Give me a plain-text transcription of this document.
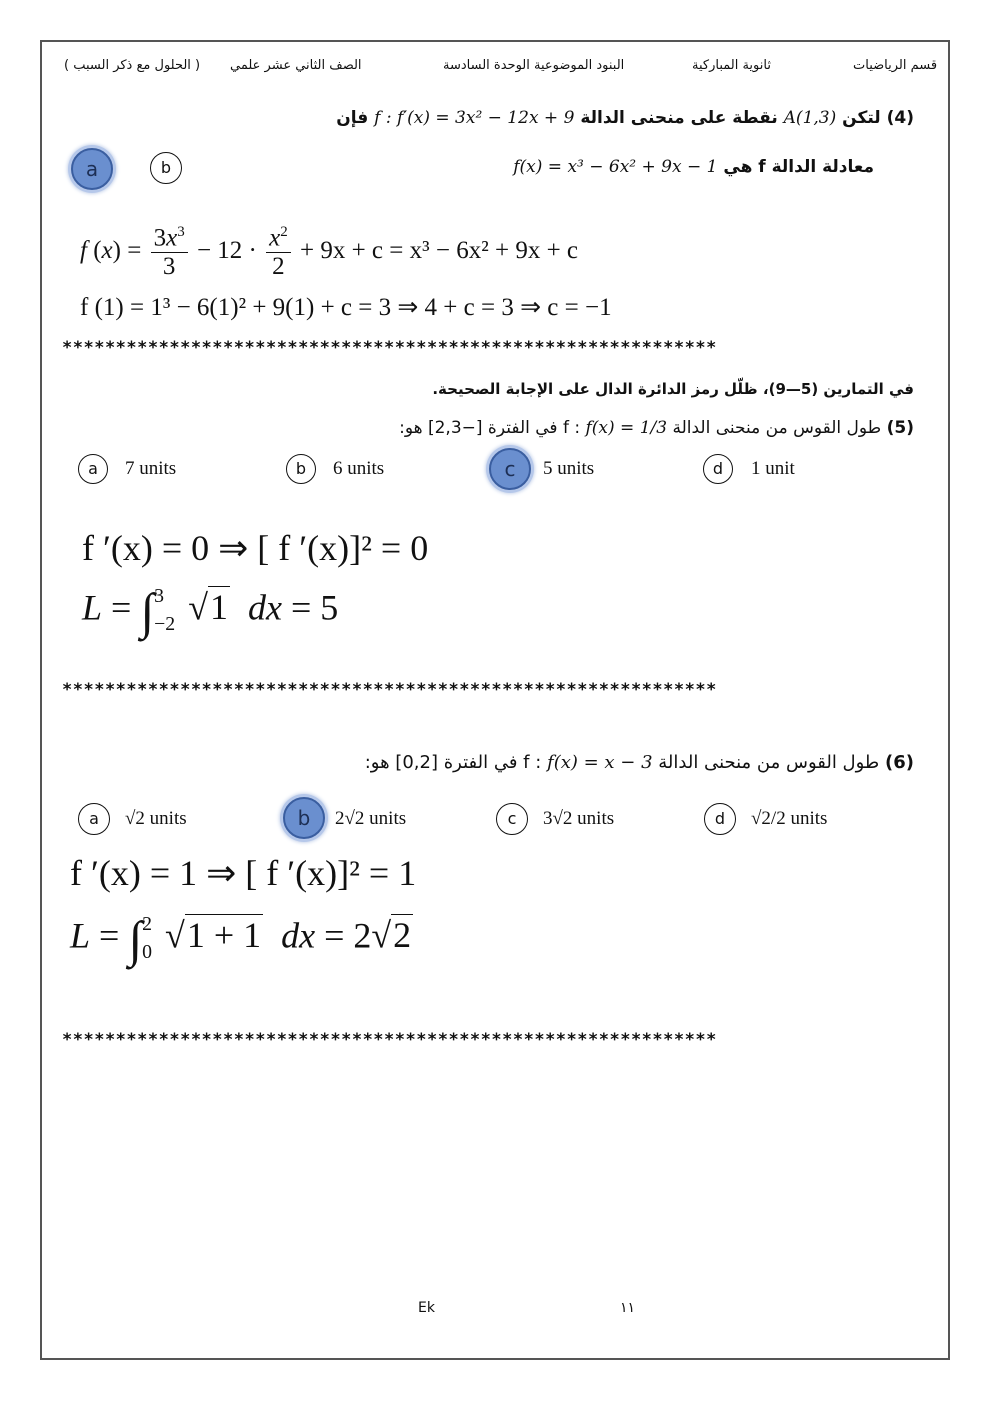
( الحلول مع ذكر السبب ) الصف الثاني عشر علمي	البنود الموضوعية الوحدة السادسة	ثانوية المباركية	قسم الرياضيات
(4) لتكن A(1,3) نقطة على منحنى الدالة f : f′(x) = 3x² − 12x + 9 فإن
معادلة الدالة f هي f(x) = x³ − 6x² + 9x − 1
a	b
f $(x) = \frac{3x^3}{3} - 12 \cdot \frac{x^2}{2} + 9x + c = x^3 - 6x^2 + 9x + c$
f (1) = 1³ − 6(1)² + 9(1) + c = 3 ⇒ 4 + c = 3 ⇒ c = −1
*************************************************************
في التمارين (5—9)، ظلّل رمز الدائرة الدال على الإجابة الصحيحة.
(5) طول القوس من منحنى الدالة f : f(x) = 1/3 في الفترة [−2,3] هو:
a	7 units	b	6 units	c	5 units	d	1 unit
f ′(x) = 0 ⇒ [ f ′(x)]² = 0
L = ∫ 3
−2 √1 dx = 5
*************************************************************
(6) طول القوس من منحنى الدالة f : f(x) = x − 3 في الفترة [0,2] هو:
a	√2 units	b	2√2 units	c	3√2 units	d	√2/2 units
f ′(x) = 1 ⇒ [ f ′(x)]² = 1
L = ∫ 2
0 √1 + 1 dx = 2√2
*************************************************************
Ek	١١
